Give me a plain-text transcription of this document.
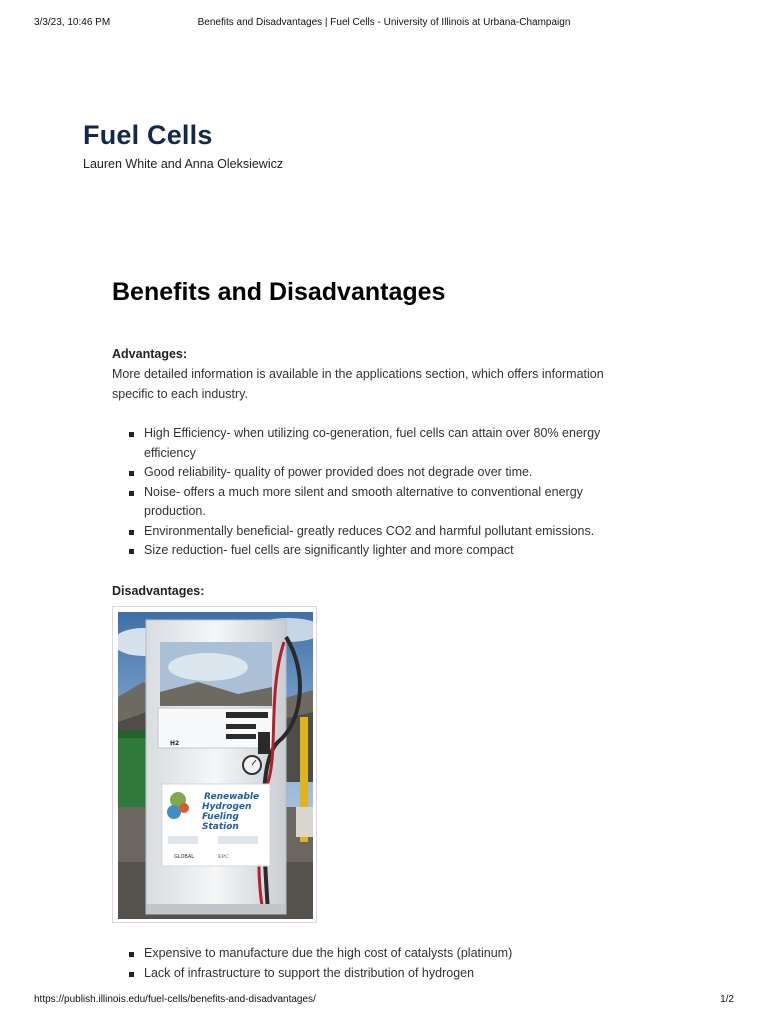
3/3/23, 10:46 PM	Benefits and Disadvantages | Fuel Cells - University of Illinois at Urbana-Champaign
Fuel Cells
Lauren White and Anna Oleksiewicz
Benefits and Disadvantages
Advantages:

More detailed information is available in the applications section, which offers information specific to each industry.

High Efficiency- when utilizing co-generation, fuel cells can attain over 80% energy efficiency
Good reliability- quality of power provided does not degrade over time.
Noise- offers a much more silent and smooth alternative to conventional energy production.
Environmentally beneficial- greatly reduces CO2 and harmful pollutant emissions.
Size reduction- fuel cells are significantly lighter and more compact
Disadvantages:
H2
Renewable
Hydrogen
Fueling
Station
GLOBAL	EPC
Expensive to manufacture due the high cost of catalysts (platinum)
Lack of infrastructure to support the distribution of hydrogen
https://publish.illinois.edu/fuel-cells/benefits-and-disadvantages/	1/2
